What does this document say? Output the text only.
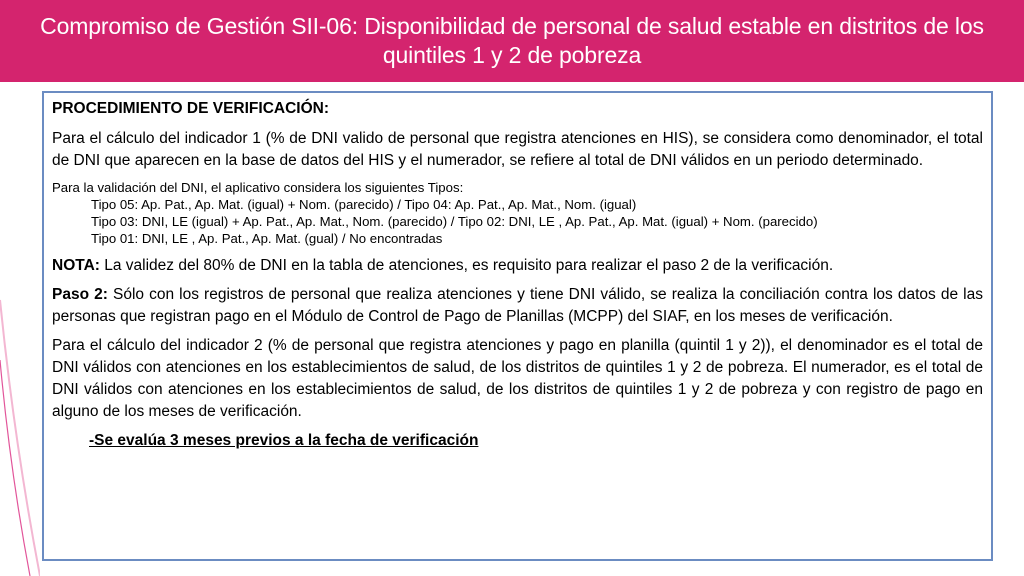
Compromiso de Gestión SII-06: Disponibilidad de personal de salud estable en distritos de los
quintiles 1 y 2 de pobreza
PROCEDIMIENTO DE VERIFICACIÓN:
Para el cálculo del indicador 1 (% de DNI valido de personal que registra atenciones en HIS), se considera como denominador, el total de DNI que aparecen en la base de datos del HIS y el numerador, se refiere al total de DNI válidos en un periodo determinado.
Para la validación del DNI, el aplicativo considera los siguientes Tipos:
Tipo 05: Ap. Pat., Ap. Mat. (igual) + Nom. (parecido) / Tipo 04: Ap. Pat., Ap. Mat., Nom. (igual)
Tipo 03: DNI, LE (igual) + Ap. Pat., Ap. Mat., Nom. (parecido) / Tipo 02: DNI, LE , Ap. Pat., Ap. Mat. (igual) + Nom. (parecido)
Tipo 01: DNI, LE , Ap. Pat., Ap. Mat. (gual) / No encontradas
NOTA: La validez del 80% de DNI en la tabla de atenciones, es requisito para realizar el paso 2 de la verificación.
Paso 2: Sólo con los registros de personal que realiza atenciones y tiene DNI válido, se realiza la conciliación contra los datos de las personas que registran pago en el Módulo de Control de Pago de Planillas (MCPP) del SIAF, en los meses de verificación.
Para el cálculo del indicador 2 (% de personal que registra atenciones y pago en planilla (quintil 1 y 2)), el denominador es el total de DNI válidos con atenciones en los establecimientos de salud, de los distritos de quintiles 1 y 2 de pobreza. El numerador, es el total de DNI válidos con atenciones en los establecimientos de salud, de los distritos de quintiles 1 y 2 de pobreza y con registro de pago en alguno de los meses de verificación.
-Se evalúa 3 meses previos a la fecha de verificación
